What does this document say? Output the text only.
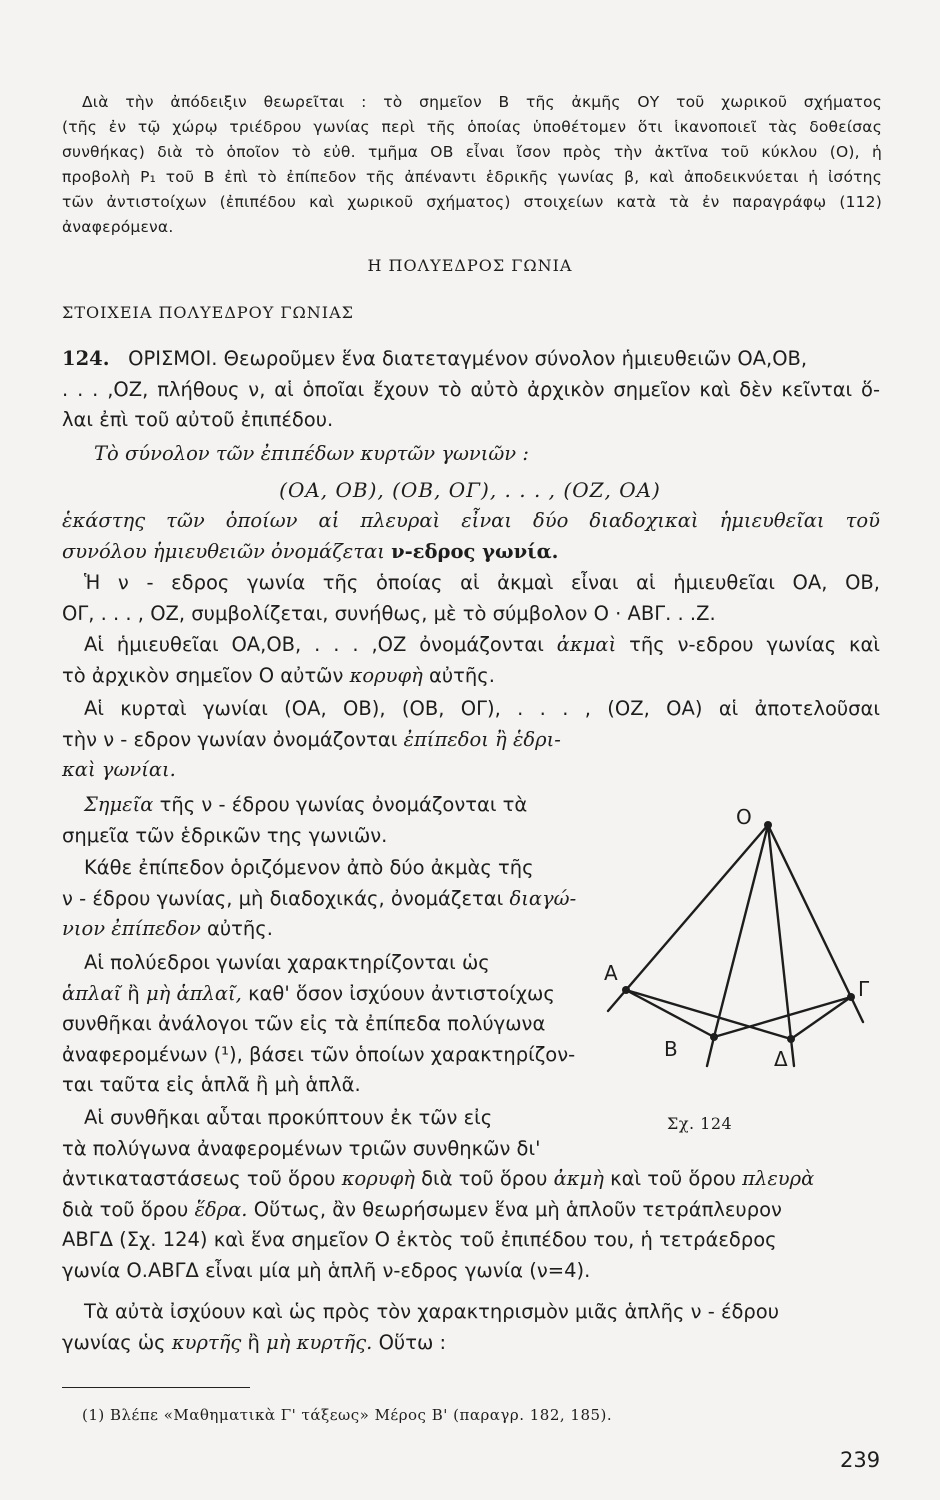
Διὰ τὴν ἀπόδειξιν θεωρεῖται : τὸ σημεῖον Β τῆς ἀκμῆς ΟΥ τοῦ χωρικοῦ σχήματος

(τῆς ἐν τῷ χώρῳ τριέδρου γωνίας περὶ τῆς ὁποίας ὑποθέτομεν ὅτι ἱκανοποιεῖ τὰς δοθείσας
συνθήκας) διὰ τὸ ὁποῖον τὸ εὐθ. τμῆμα ΟΒ εἶναι ἴσον πρὸς τὴν ἀκτῖνα τοῦ κύκλου (Ο), ἡ
προβολὴ Ρ₁ τοῦ Β ἐπὶ τὸ ἐπίπεδον τῆς ἀπέναντι ἑδρικῆς γωνίας β, καὶ ἀποδεικνύεται ἡ ἰσότης
τῶν ἀντιστοίχων (ἐπιπέδου καὶ χωρικοῦ σχήματος) στοιχείων κατὰ τὰ ἐν παραγράφῳ (112)
ἀναφερόμενα.
Η ΠΟΛΥΕΔΡΟΣ ΓΩΝΙΑ
ΣΤΟΙΧΕΙΑ ΠΟΛΥΕΔΡΟΥ ΓΩΝΙΑΣ
124. ΟΡΙΣΜΟΙ. Θεωροῦμεν ἕνα διατεταγμένον σύνολον ἡμιευθειῶν ΟΑ,ΟΒ,
. . . ,ΟΖ, πλήθους ν, αἱ ὁποῖαι ἔχουν τὸ αὐτὸ ἀρχικὸν σημεῖον καὶ δὲν κεῖνται ὅ-
λαι ἐπὶ τοῦ αὐτοῦ ἐπιπέδου.
Τὸ σύνολον τῶν ἐπιπέδων κυρτῶν γωνιῶν :
(ΟΑ, ΟΒ), (ΟΒ, ΟΓ), . . . , (ΟΖ, ΟΑ)
ἑκάστης τῶν ὁποίων αἱ πλευραὶ εἶναι δύο διαδοχικαὶ ἡμιευθεῖαι τοῦ
συνόλου ἡμιευθειῶν ὀνομάζεται ν-εδρος γωνία.
Ἡ ν - εδρος γωνία τῆς ὁποίας αἱ ἀκμαὶ εἶναι αἱ ἡμιευθεῖαι ΟΑ, ΟΒ,
ΟΓ, . . . , ΟΖ, συμβολίζεται, συνήθως, μὲ τὸ σύμβολον Ο · ΑΒΓ. . .Ζ.
Αἱ ἡμιευθεῖαι ΟΑ,ΟΒ, . . . ,ΟΖ ὀνομάζονται ἀκμαὶ τῆς ν-εδρου γωνίας καὶ
τὸ ἀρχικὸν σημεῖον Ο αὐτῶν κορυφὴ αὐτῆς.
Αἱ κυρταὶ γωνίαι (ΟΑ, ΟΒ), (ΟΒ, ΟΓ), . . . , (ΟΖ, ΟΑ) αἱ ἀποτελοῦσαι
τὴν ν - εδρον γωνίαν ὀνομάζονται ἐπίπεδοι ἢ ἑδρι-
καὶ γωνίαι.
Σημεῖα τῆς ν - έδρου γωνίας ὀνομάζονται τὰ
σημεῖα τῶν ἑδρικῶν της γωνιῶν.
Κάθε ἐπίπεδον ὁριζόμενον ἀπὸ δύο ἀκμὰς τῆς
ν - έδρου γωνίας, μὴ διαδοχικάς, ὀνομάζεται διαγώ-
νιον ἐπίπεδον αὐτῆς.
Αἱ πολύεδροι γωνίαι χαρακτηρίζονται ὡς
ἁπλαῖ ἢ μὴ ἁπλαῖ, καθ' ὅσον ἰσχύουν ἀντιστοίχως
συνθῆκαι ἀνάλογοι τῶν εἰς τὰ ἐπίπεδα πολύγωνα
ἀναφερομένων (¹), βάσει τῶν ὁποίων χαρακτηρίζον-
ται ταῦτα εἰς ἁπλᾶ ἢ μὴ ἁπλᾶ.
Αἱ συνθῆκαι αὗται προκύπτουν ἐκ τῶν εἰς
τὰ πολύγωνα ἀναφερομένων τριῶν συνθηκῶν δι'
ἀντικαταστάσεως τοῦ ὅρου κορυφὴ διὰ τοῦ ὅρου ἀκμὴ καὶ τοῦ ὅρου πλευρὰ
διὰ τοῦ ὅρου ἕδρα. Οὕτως, ἂν θεωρήσωμεν ἕνα μὴ ἁπλοῦν τετράπλευρον
ΑΒΓΔ (Σχ. 124) καὶ ἕνα σημεῖον Ο ἐκτὸς τοῦ ἐπιπέδου του, ἡ τετράεδρος
γωνία Ο.ΑΒΓΔ εἶναι μία μὴ ἁπλῆ ν-εδρος γωνία (ν=4).
Τὰ αὐτὰ ἰσχύουν καὶ ὡς πρὸς τὸν χαρακτηρισμὸν μιᾶς ἁπλῆς ν - έδρου
γωνίας ὡς κυρτῆς ἢ μὴ κυρτῆς. Οὕτω :
O
A
B
Γ
Δ
Σχ. 124
(1) Βλέπε «Μαθηματικὰ Γ' τάξεως» Μέρος Β' (παραγρ. 182, 185).
239
